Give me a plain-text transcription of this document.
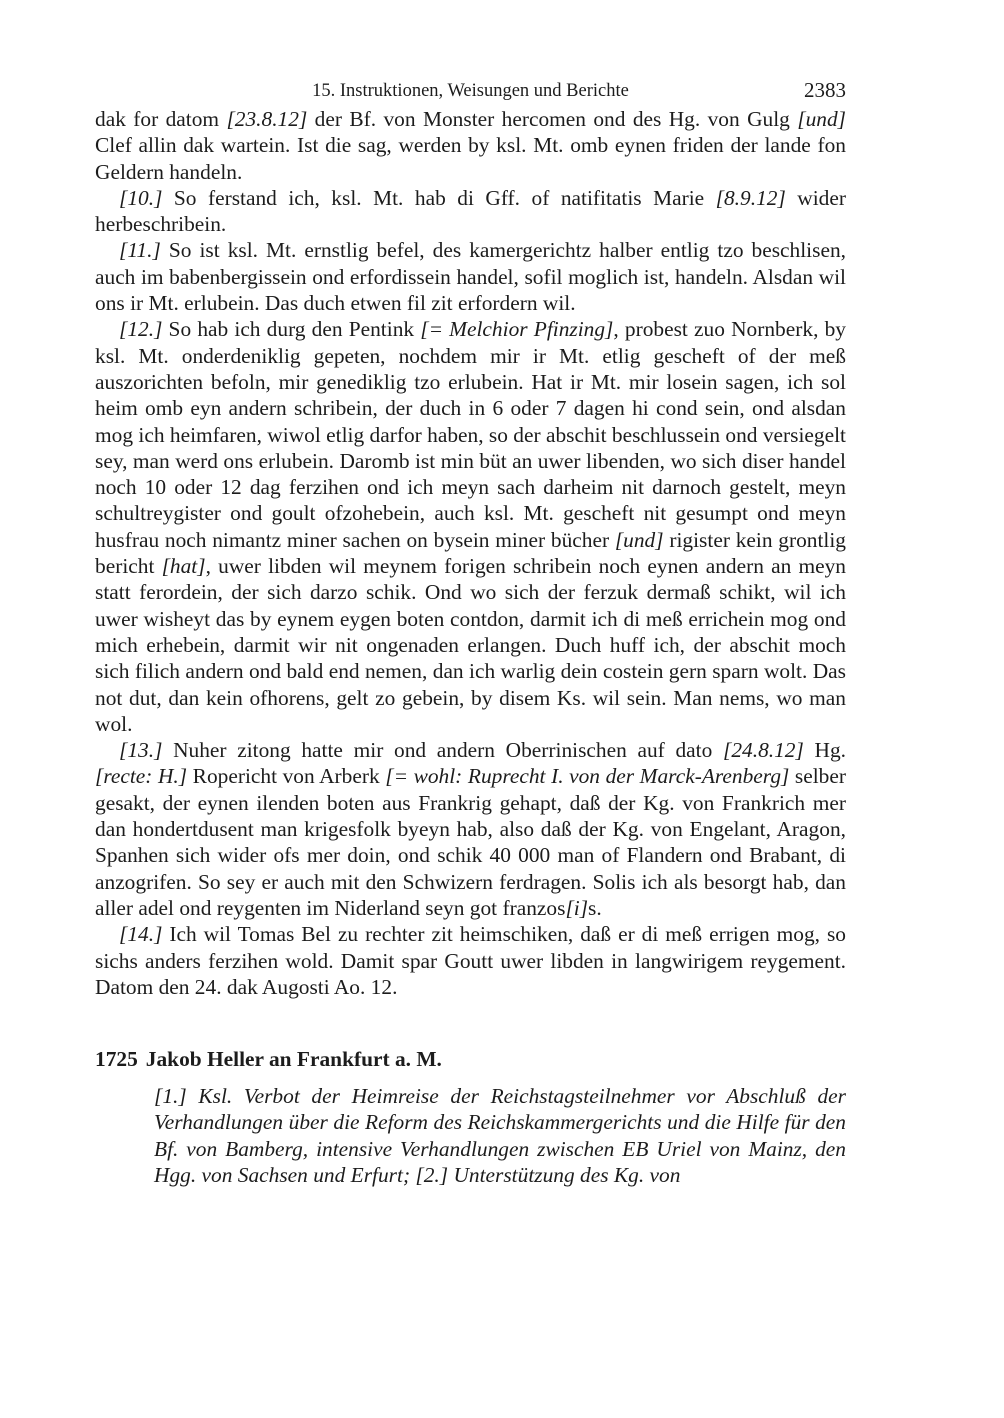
15. Instruktionen, Weisungen und Berichte	2383

dak for datom [23.8.12] der Bf. von Monster hercomen ond des Hg. von Gulg [und] Clef allin dak wartein. Ist die sag, werden by ksl. Mt. omb eynen friden der lande fon Geldern handeln.

[10.] So ferstand ich, ksl. Mt. hab di Gff. of natifitatis Marie [8.9.12] wider herbeschribein.

[11.] So ist ksl. Mt. ernstlig befel, des kamergerichtz halber entlig tzo beschlisen, auch im babenbergissein ond erfordissein handel, sofil moglich ist, handeln. Alsdan wil ons ir Mt. erlubein. Das duch etwen fil zit erfordern wil.

[12.] So hab ich durg den Pentink [= Melchior Pfinzing], probest zuo Nornberk, by ksl. Mt. onderdeniklig gepeten, nochdem mir ir Mt. etlig gescheft of der meß auszorichten befoln, mir genediklig tzo erlubein. Hat ir Mt. mir losein sagen, ich sol heim omb eyn andern schribein, der duch in 6 oder 7 dagen hi cond sein, ond alsdan mog ich heimfaren, wiwol etlig darfor haben, so der abschit beschlussein ond versiegelt sey, man werd ons erlubein. Daromb ist min büt an uwer libenden, wo sich diser handel noch 10 oder 12 dag ferzihen ond ich meyn sach darheim nit darnoch gestelt, meyn schultreygister ond goult ofzohebein, auch ksl. Mt. gescheft nit gesumpt ond meyn husfrau noch nimantz miner sachen on bysein miner bücher [und] rigister kein grontlig bericht [hat], uwer libden wil meynem forigen schribein noch eynen andern an meyn statt ferordein, der sich darzo schik. Ond wo sich der ferzuk dermaß schikt, wil ich uwer wisheyt das by eynem eygen boten contdon, darmit ich di meß errichein mog ond mich erhebein, darmit wir nit ongenaden erlangen. Duch huff ich, der abschit moch sich filich andern ond bald end nemen, dan ich warlig dein costein gern sparn wolt. Das not dut, dan kein ofhorens, gelt zo gebein, by disem Ks. wil sein. Man nems, wo man wol.

[13.] Nuher zitong hatte mir ond andern Oberrinischen auf dato [24.8.12] Hg. [recte: H.] Ropericht von Arberk [= wohl: Ruprecht I. von der Marck-Arenberg] selber gesakt, der eynen ilenden boten aus Frankrig gehapt, daß der Kg. von Frankrich mer dan hondertdusent man krigesfolk byeyn hab, also daß der Kg. von Engelant, Aragon, Spanhen sich wider ofs mer doin, ond schik 40 000 man of Flandern ond Brabant, di anzogrifen. So sey er auch mit den Schwizern ferdragen. Solis ich als besorgt hab, dan aller adel ond reygenten im Niderland seyn got franzos[i]s.

[14.] Ich wil Tomas Bel zu rechter zit heimschiken, daß er di meß errigen mog, so sichs anders ferzihen wold. Damit spar Goutt uwer libden in langwirigem reygement. Datom den 24. dak Augosti Ao. 12.

1725 Jakob Heller an Frankfurt a. M.
[1.] Ksl. Verbot der Heimreise der Reichstagsteilnehmer vor Abschluß der Verhandlungen über die Reform des Reichskammergerichts und die Hilfe für den Bf. von Bamberg, intensive Verhandlungen zwischen EB Uriel von Mainz, den Hgg. von Sachsen und Erfurt; [2.] Unterstützung des Kg. von
